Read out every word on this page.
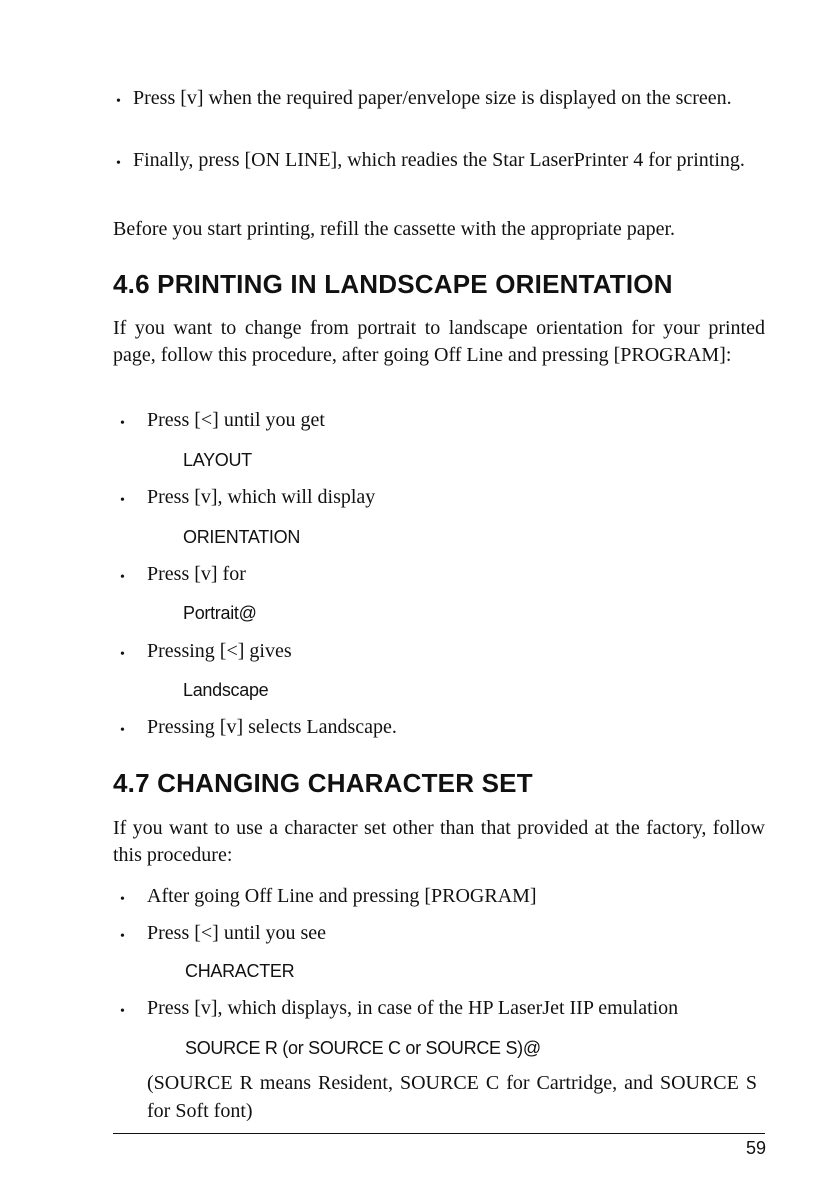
• Press [v] when the required paper/envelope size is displayed on the screen.
• Finally, press [ON LINE], which readies the Star LaserPrinter 4 for printing.
Before you start printing, refill the cassette with the appropriate paper.
4.6 PRINTING IN LANDSCAPE ORIENTATION
If you want to change from portrait to landscape orientation for your printed page, follow this procedure, after going Off Line and pressing [PROGRAM]:
• Press [<] until you get
LAYOUT
• Press [v], which will display
ORIENTATION
• Press [v] for
Portrait@
• Pressing [<] gives
Landscape
• Pressing [v] selects Landscape.
4.7 CHANGING CHARACTER SET
If you want to use a character set other than that provided at the factory, follow this procedure:
• After going Off Line and pressing [PROGRAM]
• Press [<] until you see
CHARACTER
• Press [v], which displays, in case of the HP LaserJet IIP emulation
SOURCE R (or SOURCE C or SOURCE S)@
(SOURCE R means Resident, SOURCE C for Cartridge, and SOURCE S for Soft font)
59
